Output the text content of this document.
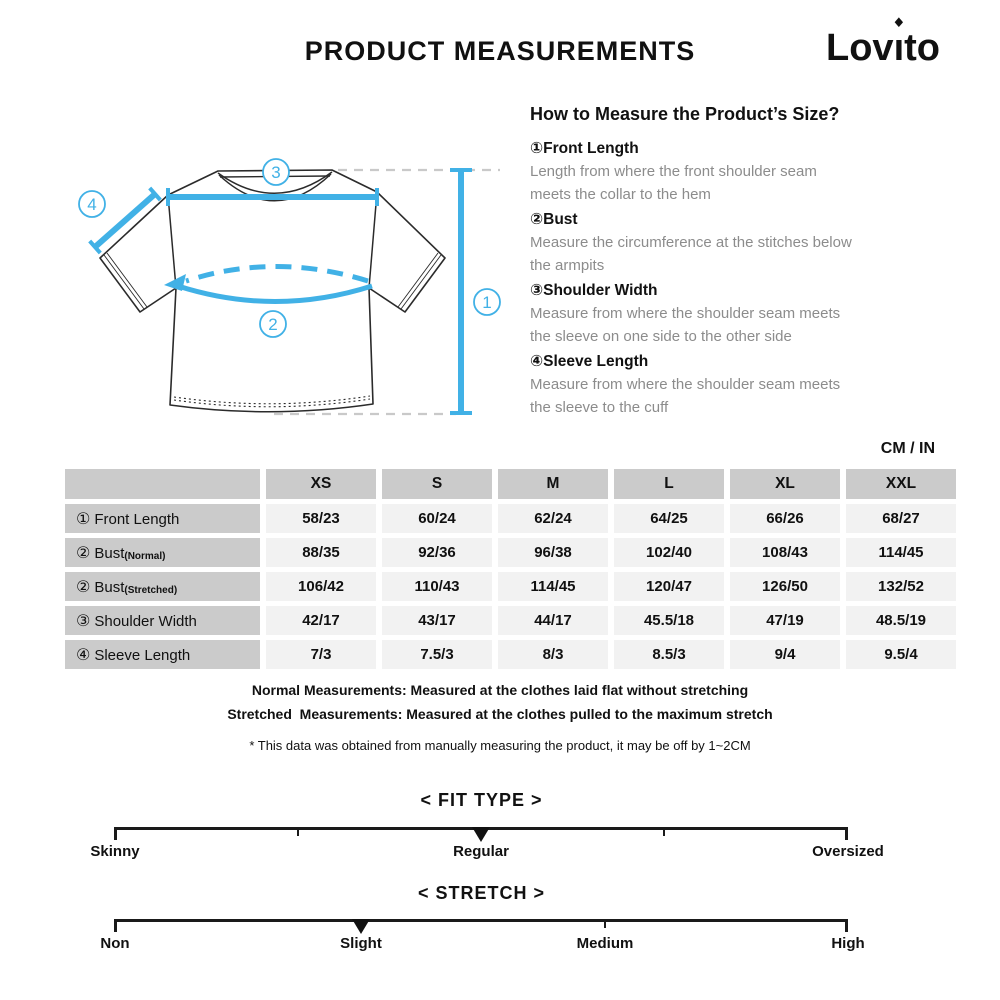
PRODUCT MEASUREMENTS	Lovı
◆
to
3
4
2
1
How to Measure the Product’s Size?
①Front Length
Length from where the front shoulder seam
meets the collar to the hem
②Bust
Measure the circumference at the stitches below
the armpits
③Shoulder Width
Measure from where the shoulder seam meets
the sleeve on one side to the other side
④Sleeve Length
Measure from where the shoulder seam meets
the sleeve to the cuff
CM / IN
	XS	S	M	L	XL	XXL
① Front Length	58/23	60/24	62/24	64/25	66/26	68/27
② Bust(Normal)	88/35	92/36	96/38	102/40	108/43	114/45
② Bust(Stretched)	106/42	110/43	114/45	120/47	126/50	132/52
③ Shoulder Width	42/17	43/17	44/17	45.5/18	47/19	48.5/19
④ Sleeve Length	7/3	7.5/3	8/3	8.5/3	9/4	9.5/4
Normal Measurements: Measured at the clothes laid flat without stretching
Stretched  Measurements: Measured at the clothes pulled to the maximum stretch
* This data was obtained from manually measuring the product, it may be off by 1~2CM
< FIT TYPE >
Skinny	Regular	Oversized
< STRETCH >
Non	Slight	Medium	High
